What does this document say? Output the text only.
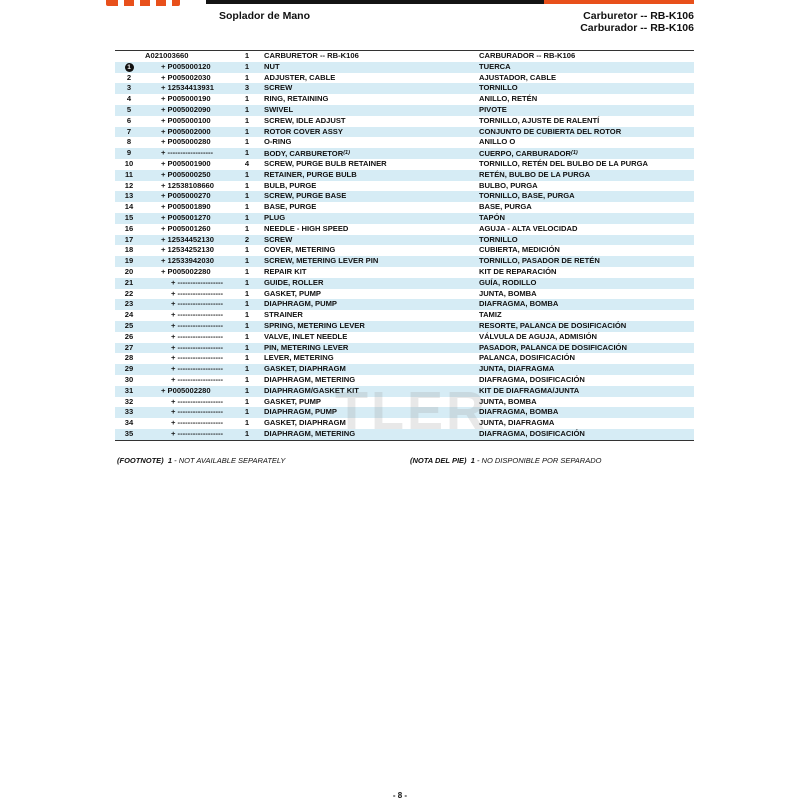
Soplador de Mano	Carburetor -- RB-K106
Carburador -- RB-K106
A021003660	1 CARBURETOR -- RB-K106	CARBURADOR -- RB-K106
1	+ P005000120	1 NUT	TUERCA
2	+ P005002030	1 ADJUSTER, CABLE	AJUSTADOR, CABLE
3	+ 12534413931	3 SCREW	TORNILLO
4	+ P005000190	1 RING, RETAINING	ANILLO, RETÉN
5	+ P005002090	1 SWIVEL	PIVOTE
6	+ P005000100	1 SCREW, IDLE ADJUST	TORNILLO, AJUSTE DE RALENTÍ
7	+ P005002000	1 ROTOR COVER ASSY	CONJUNTO DE CUBIERTA DEL ROTOR
8	+ P005000280	1 O-RING	ANILLO O
9	+ ------------------	1 BODY, CARBURETOR$^{(1)}$	CUERPO, CARBURADOR$^{(1)}$
10	+ P005001900	4 SCREW, PURGE BULB RETAINER	TORNILLO, RETÉN DEL BULBO DE LA PURGA
11	+ P005000250	1 RETAINER, PURGE BULB	RETÉN, BULBO DE LA PURGA
12	+ 12538108660	1 BULB, PURGE	BULBO, PURGA
13	+ P005000270	1 SCREW, PURGE BASE	TORNILLO, BASE, PURGA
14	+ P005001890	1 BASE, PURGE	BASE, PURGA
15	+ P005001270	1 PLUG	TAPÓN
16	+ P005001260	1 NEEDLE - HIGH SPEED	AGUJA - ALTA VELOCIDAD
17	+ 12534452130	2 SCREW	TORNILLO
18	+ 12534252130	1 COVER, METERING	CUBIERTA, MEDICIÓN
19	+ 12533942030	1 SCREW, METERING LEVER PIN	TORNILLO, PASADOR DE RETÉN
20	+ P005002280	1 REPAIR KIT	KIT DE REPARACIÓN
21	+ ------------------	1 GUIDE, ROLLER	GUÍA, RODILLO
22	+ ------------------	1 GASKET, PUMP	JUNTA, BOMBA
23	+ ------------------	1 DIAPHRAGM, PUMP	DIAFRAGMA, BOMBA
24	+ ------------------	1 STRAINER	TAMIZ
25	+ ------------------	1 SPRING, METERING LEVER	RESORTE, PALANCA DE DOSIFICACIÓN
26	+ ------------------	1 VALVE, INLET NEEDLE	VÁLVULA DE AGUJA, ADMISIÓN
27	+ ------------------	1 PIN, METERING LEVER	PASADOR, PALANCA DE DOSIFICACIÓN
28	+ ------------------	1 LEVER, METERING	PALANCA, DOSIFICACIÓN
29	+ ------------------	1 GASKET, DIAPHRAGM	JUNTA, DIAFRAGMA
30	+ ------------------	1 DIAPHRAGM, METERING	DIAFRAGMA, DOSIFICACIÓN
31	+ P005002280	1 DIAPHRAGM/GASKET KIT	KIT DE DIAFRAGMA/JUNTA
32	+ ------------------	1 GASKET, PUMP	JUNTA, BOMBA
33	+ ------------------	1 DIAPHRAGM, PUMP	DIAFRAGMA, BOMBA
34	+ ------------------	1 GASKET, DIAPHRAGM	JUNTA, DIAFRAGMA
35	+ ------------------	1 DIAPHRAGM, METERING	DIAFRAGMA, DOSIFICACIÓN
TLER
(FOOTNOTE) 1 - NOT AVAILABLE SEPARATELY	(NOTA DEL PIE) 1 - NO DISPONIBLE POR SEPARADO
- 8 -
